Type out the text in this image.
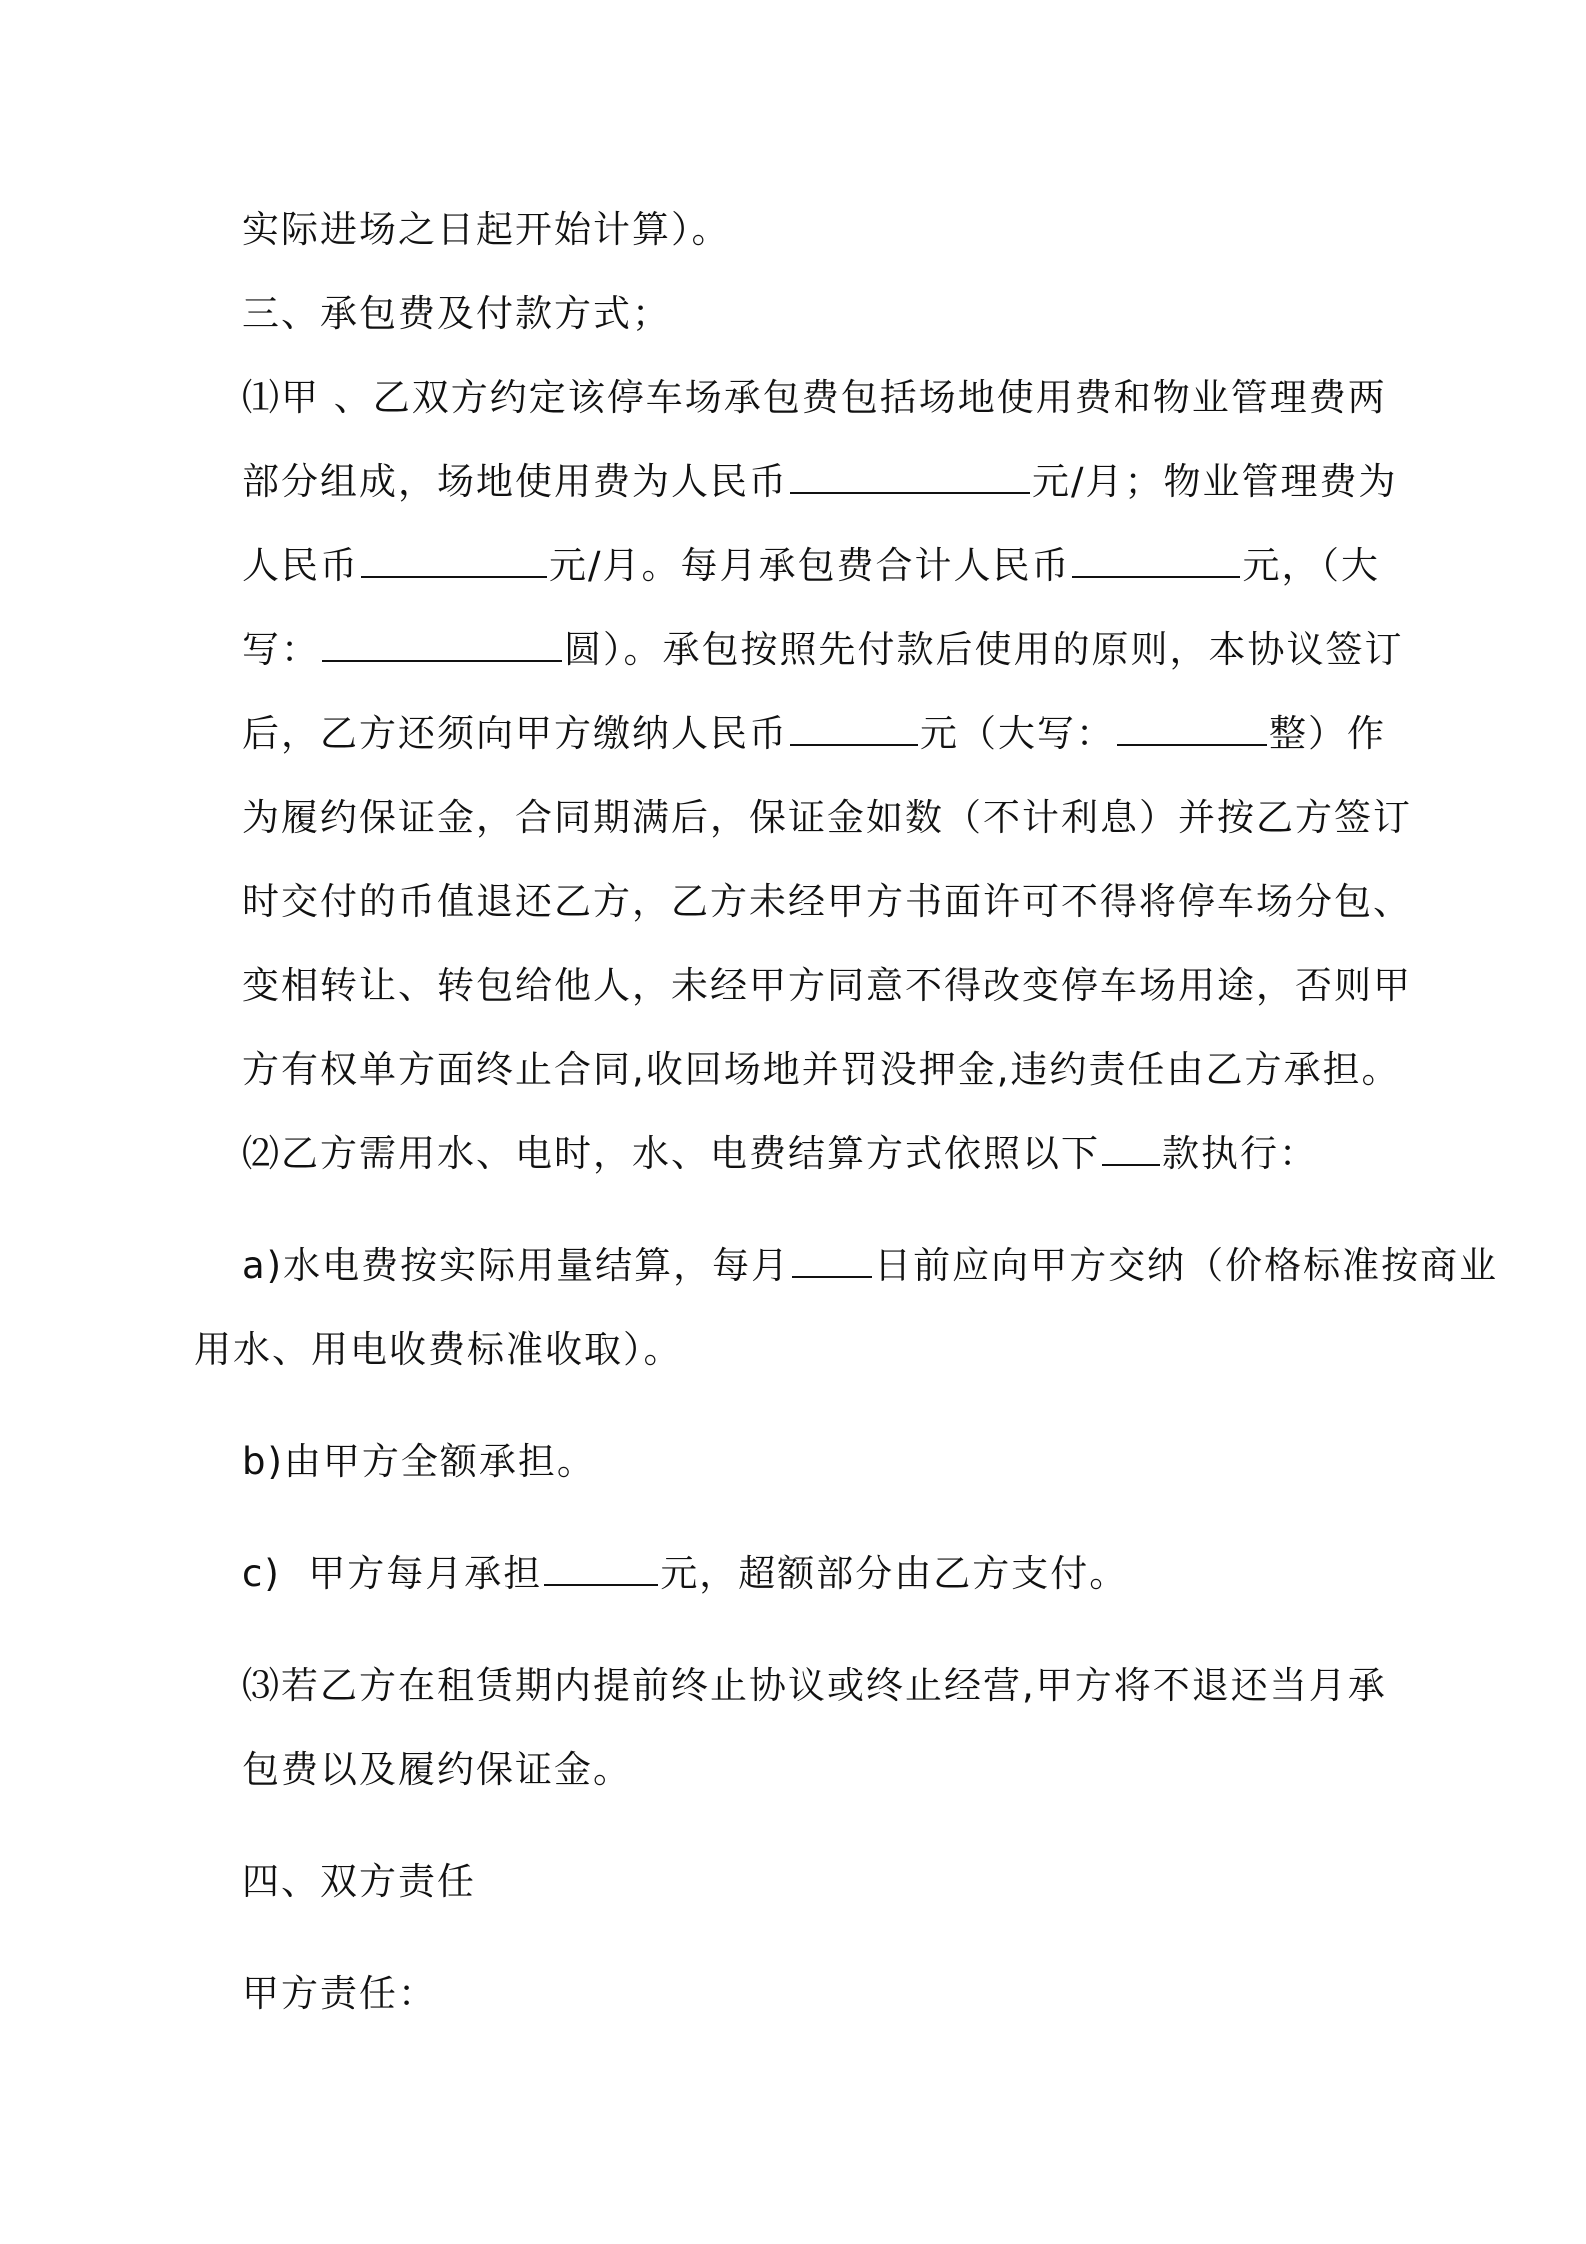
实际进场之日起开始计算）。
三、承包费及付款方式；
⑴甲 、乙双方约定该停车场承包费包括场地使用费和物业管理费两
部分组成，场地使用费为人民币	元/月；物业管理费为
人民币	元/月。每月承包费合计人民币	元，（大
写：	圆）。承包按照先付款后使用的原则，本协议签订
后，乙方还须向甲方缴纳人民币	元（大写：	整）作
为履约保证金，合同期满后，保证金如数（不计利息）并按乙方签订
时交付的币值退还乙方，乙方未经甲方书面许可不得将停车场分包、
变相转让、转包给他人，未经甲方同意不得改变停车场用途，否则甲
方有权单方面终止合同,收回场地并罚没押金,违约责任由乙方承担。
⑵乙方需用水、电时，水、电费结算方式依照以下 款执行：
a)水电费按实际用量结算，每月 日前应向甲方交纳（价格标准按商业
用水、用电收费标准收取）。
b)由甲方全额承担。
c)  甲方每月承担	元，超额部分由乙方支付。
⑶若乙方在租赁期内提前终止协议或终止经营,甲方将不退还当月承
包费以及履约保证金。
四、双方责任
甲方责任：
